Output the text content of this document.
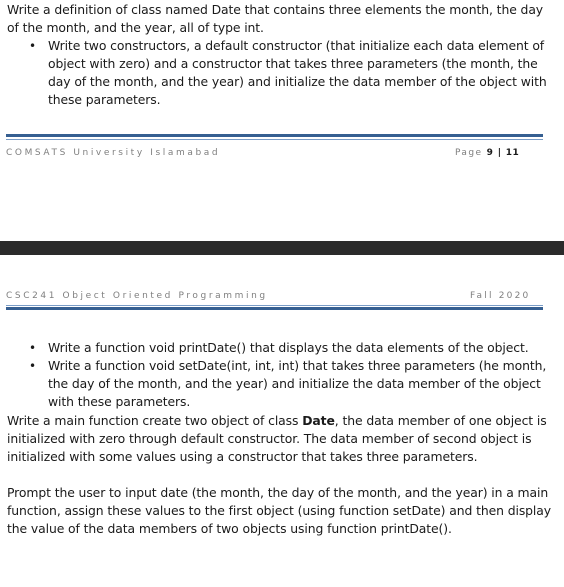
Write a definition of class named Date that contains three elements the month, the day of the month, and the year, all of type int.

• Write two constructors, a default constructor (that initialize each data element of object with zero) and a constructor that takes three parameters (the month, the day of the month, and the year) and initialize the data member of the object with these parameters.
COMSATS University Islamabad	Page 9 | 11
CSC241 Object Oriented Programming	Fall 2020
• Write a function void printDate() that displays the data elements of the object.
• Write a function void setDate(int, int, int) that takes three parameters (he month, the day of the month, and the year) and initialize the data member of the object with these parameters.

Write a main function create two object of class Date, the data member of one object is initialized with zero through default constructor. The data member of second object is initialized with some values using a constructor that takes three parameters.

Prompt the user to input date (the month, the day of the month, and the year) in a main function, assign these values to the first object (using function setDate) and then display the value of the data members of two objects using function printDate().
